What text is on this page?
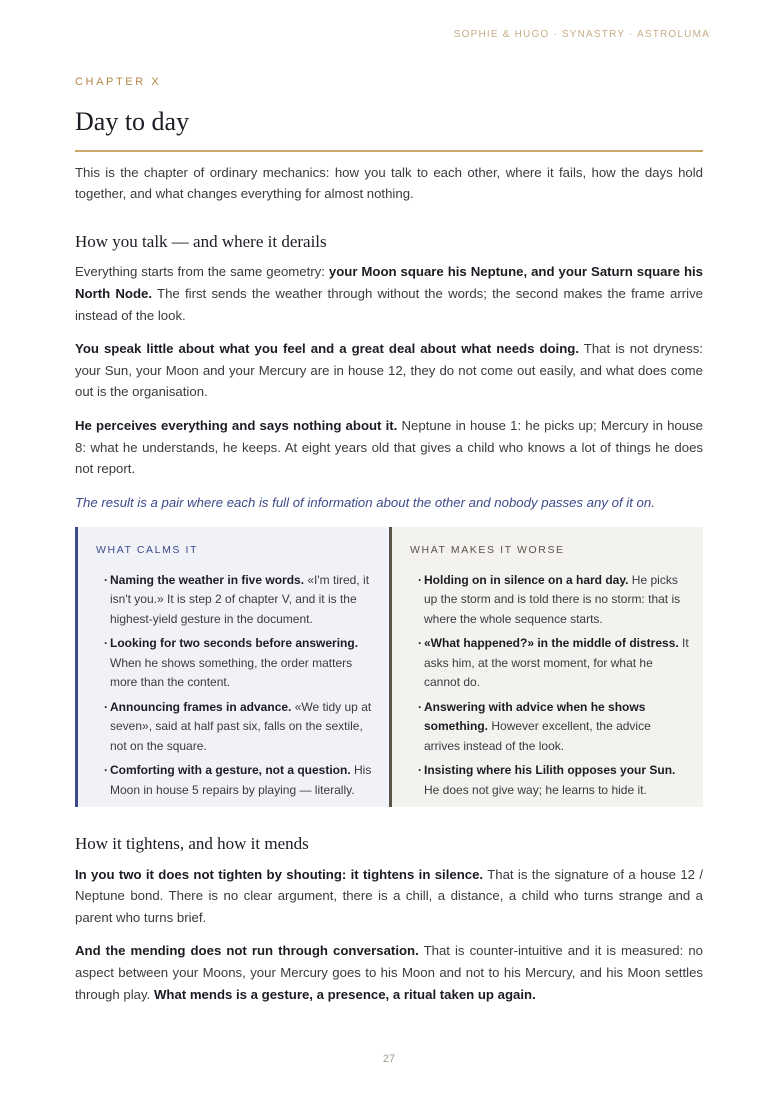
SOPHIE & HUGO · SYNASTRY · ASTROLUMA

CHAPTER X

Day to day

This is the chapter of ordinary mechanics: how you talk to each other, where it fails, how the days hold together, and what changes everything for almost nothing.

How you talk — and where it derails

Everything starts from the same geometry: your Moon square his Neptune, and your Saturn square his North Node. The first sends the weather through without the words; the second makes the frame arrive instead of the look.

You speak little about what you feel and a great deal about what needs doing. That is not dryness: your Sun, your Moon and your Mercury are in house 12, they do not come out easily, and what does come out is the organisation.

He perceives everything and says nothing about it. Neptune in house 1: he picks up; Mercury in house 8: what he understands, he keeps. At eight years old that gives a child who knows a lot of things he does not report.

The result is a pair where each is full of information about the other and nobody passes any of it on.

WHAT CALMS IT

· Naming the weather in five words. «I'm tired, it isn't you.» It is step 2 of chapter V, and it is the highest-yield gesture in the document.
· Looking for two seconds before answering. When he shows something, the order matters more than the content.
· Announcing frames in advance. «We tidy up at seven», said at half past six, falls on the sextile, not on the square.
· Comforting with a gesture, not a question. His Moon in house 5 repairs by playing — literally.

WHAT MAKES IT WORSE

· Holding on in silence on a hard day. He picks up the storm and is told there is no storm: that is where the whole sequence starts.
· «What happened?» in the middle of distress. It asks him, at the worst moment, for what he cannot do.
· Answering with advice when he shows something. However excellent, the advice arrives instead of the look.
· Insisting where his Lilith opposes your Sun. He does not give way; he learns to hide it.
How it tightens, and how it mends

In you two it does not tighten by shouting: it tightens in silence. That is the signature of a house 12 / Neptune bond. There is no clear argument, there is a chill, a distance, a child who turns strange and a parent who turns brief.

And the mending does not run through conversation. That is counter-intuitive and it is measured: no aspect between your Moons, your Mercury goes to his Moon and not to his Mercury, and his Moon settles through play. What mends is a gesture, a presence, a ritual taken up again.

27
